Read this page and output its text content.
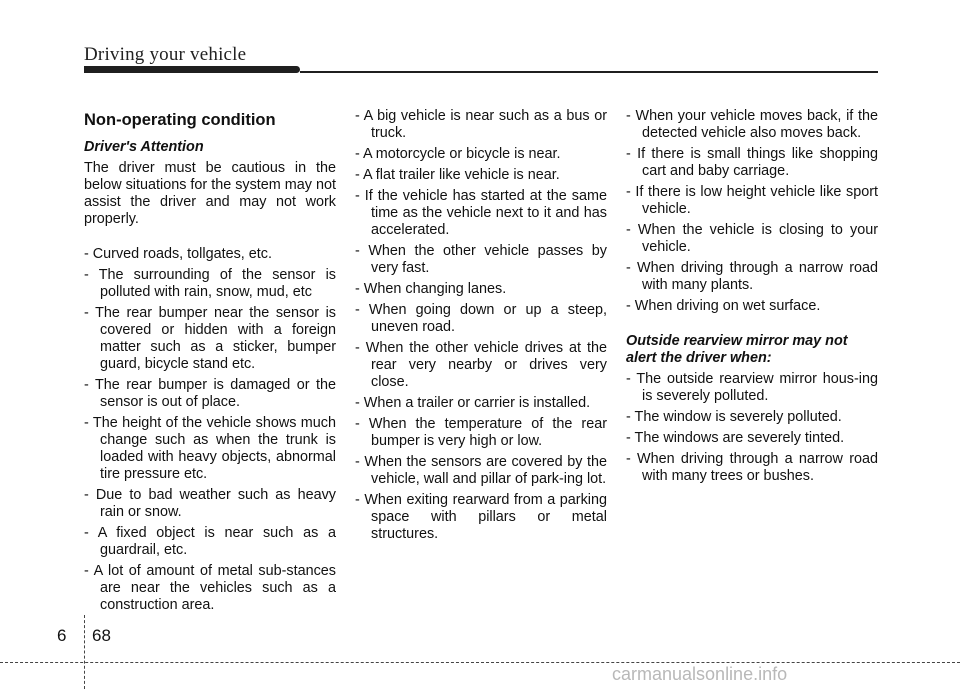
Driving your vehicle
Non-operating condition
Driver's Attention

The driver must be cautious in the below situations for the system may not assist the driver and may not work properly.

- Curved roads, tollgates, etc.
- The surrounding of the sensor is polluted with rain, snow, mud, etc
- The rear bumper near the sensor is covered or hidden with a foreign matter such as a sticker, bumper guard, bicycle stand etc.
- The rear bumper is damaged or the sensor is out of place.
- The height of the vehicle shows much change such as when the trunk is loaded with heavy objects, abnormal tire pressure etc.
- Due to bad weather such as heavy rain or snow.
- A fixed object is near such as a guardrail, etc.
- A lot of amount of metal sub-stances are near the vehicles such as a construction area.
- A big vehicle is near such as a bus or truck.
- A motorcycle or bicycle is near.
- A flat trailer like vehicle is near.
- If the vehicle has started at the same time as the vehicle next to it and has accelerated.
- When the other vehicle passes by very fast.
- When changing lanes.
- When going down or up a steep, uneven road.
- When the other vehicle drives at the rear very nearby or drives very close.
- When a trailer or carrier is installed.
- When the temperature of the rear bumper is very high or low.
- When the sensors are covered by the vehicle, wall and pillar of park-ing lot.
- When exiting rearward from a parking space with pillars or metal structures.
- When your vehicle moves back, if the detected vehicle also moves back.
- If there is small things like shopping cart and baby carriage.
- If there is low height vehicle like sport vehicle.
- When the vehicle is closing to your vehicle.
- When driving through a narrow road with many plants.
- When driving on wet surface.
Outside rearview mirror may not alert the driver when:
- The outside rearview mirror hous-ing is severely polluted.
- The window is severely polluted.
- The windows are severely tinted.
- When driving through a narrow road with many trees or bushes.
6 68
carmanualsonline.info
